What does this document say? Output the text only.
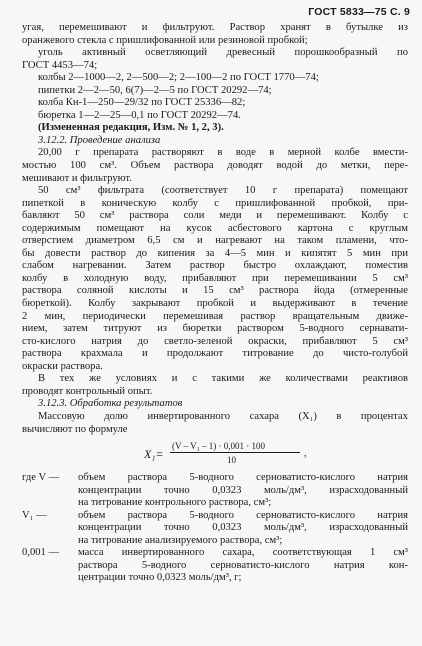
ГОСТ 5833—75 С. 9
угая, перемешивают и фильтруют. Раствор хранят в бутылке из
оранжевого стекла с пришлифованной или резиновой пробкой;
уголь активный осветляющий древесный порошкообразный по
ГОСТ 4453—74;
колбы 2—1000—2, 2—500—2; 2—100—2 по ГОСТ 1770—74;
пипетки 2—2—50, 6(7)—2—5 по ГОСТ 20292—74;
колба Кн-1—250—29/32 по ГОСТ 25336—82;
бюретка 1—2—25—0,1 по ГОСТ 20292—74.
(Измененная редакция, Изм. № 1, 2, 3).
3.12.2. Проведение анализа
20,00 г препарата растворяют в воде в мерной колбе вмести-
мостью 100 см³. Объем раствора доводят водой до метки, пере-
мешивают и фильтруют.
50 см³ фильтрата (соответствует 10 г препарата) помещают
пипеткой в коническую колбу с пришлифованной пробкой, при-
бавляют 50 см³ раствора соли меди и перемешивают. Колбу с
содержимым помещают на кусок асбестового картона с круглым
отверстием диаметром 6,5 см и нагревают на таком пламени, что-
бы довести раствор до кипения за 4—5 мин и кипятят 5 мин при
слабом нагревании. Затем раствор быстро охлаждают, поместив
колбу в холодную воду, прибавляют при перемешивании 5 см³
раствора соляной кислоты и 15 см³ раствора йода (отмеренные
бюреткой). Колбу закрывают пробкой и выдерживают в течение
2 мин, периодически перемешивая раствор вращательным движе-
нием, затем титруют из бюретки раствором 5-водного сернавати-
сто-кислого натрия до светло-зеленой окраски, прибавляют 5 см³
раствора крахмала и продолжают титрование до чисто-голубой
окраски раствора.
В тех же условиях и с такими же количествами реактивов
проводят контрольный опыт.
3.12.3. Обработка результатов
Массовую долю инвертированного сахара (X₁) в процентах
вычисляют по формуле
X₁=
(V – V₁ – 1) · 0,001 · 100
10
,
где V —	объем раствора 5-водного серноватисто-кислого натрия
концентрации точно 0,0323 моль/дм³, израсходованный
на титрование контрольного раствора, см³;
V₁ —	объем раствора 5-водного серноватисто-кислого натрия
концентрации точно 0,0323 моль/дм³, израсходованный
на титрование анализируемого раствора, см³;
0,001 —	масса инвертированного сахара, соответствующая 1 см³
раствора 5-водного серноватисто-кислого натрия кон-
центрации точно 0,0323 моль/дм³, г;
